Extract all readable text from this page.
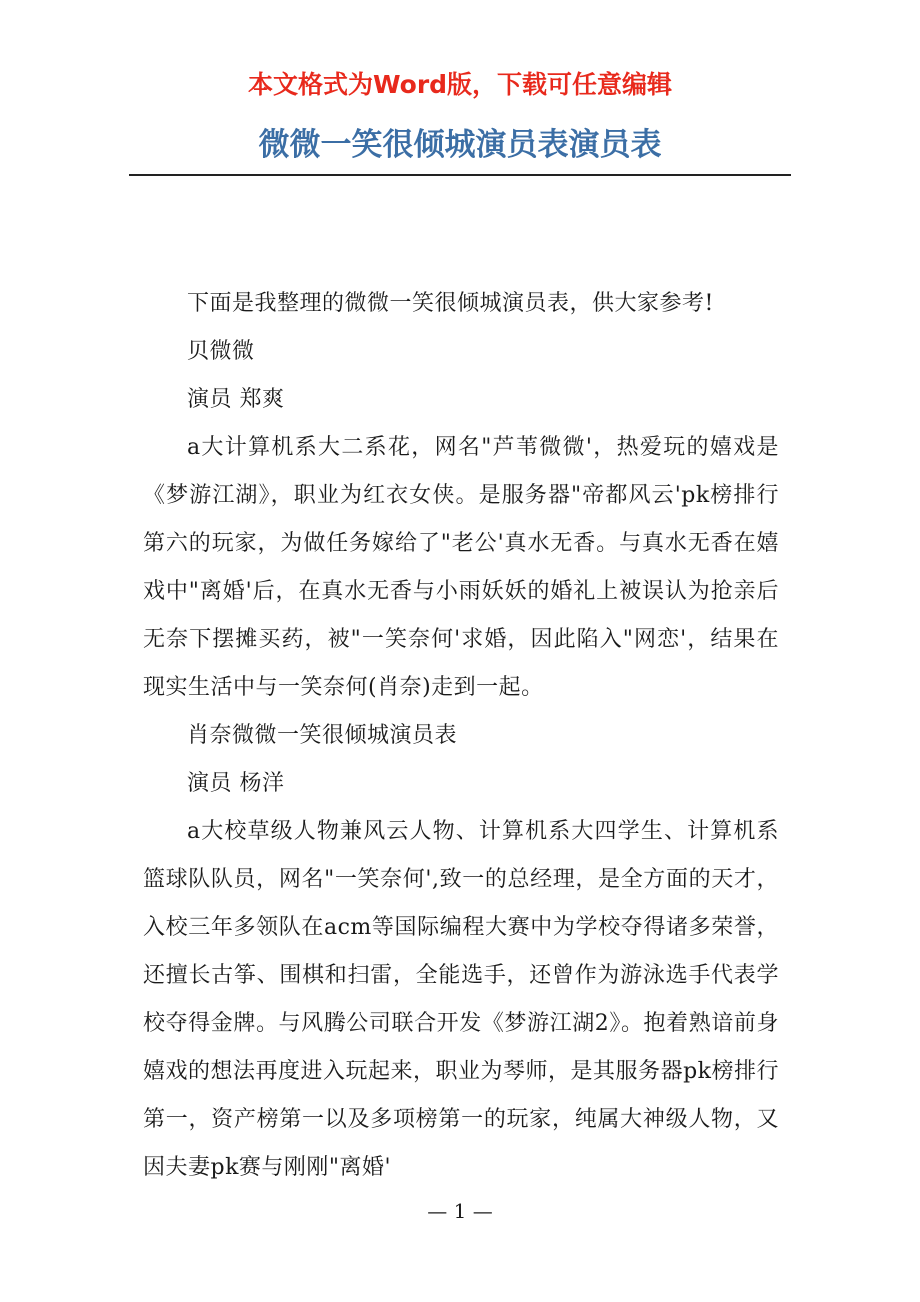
本文格式为Word版，下载可任意编辑
微微一笑很倾城演员表演员表

下面是我整理的微微一笑很倾城演员表，供大家参考!

贝微微

演员 郑爽

a大计算机系大二系花，网名"芦苇微微'，热爱玩的嬉戏是《梦游江湖》，职业为红衣女侠。是服务器"帝都风云'pk榜排行第六的玩家，为做任务嫁给了"老公'真水无香。与真水无香在嬉戏中"离婚'后，在真水无香与小雨妖妖的婚礼上被误认为抢亲后无奈下摆摊买药，被"一笑奈何'求婚，因此陷入"网恋'，结果在现实生活中与一笑奈何(肖奈)走到一起。

肖奈微微一笑很倾城演员表

演员 杨洋

a大校草级人物兼风云人物、计算机系大四学生、计算机系篮球队队员，网名"一笑奈何',致一的总经理，是全方面的天才，入校三年多领队在acm等国际编程大赛中为学校夺得诸多荣誉，还擅长古筝、围棋和扫雷，全能选手，还曾作为游泳选手代表学校夺得金牌。与风腾公司联合开发《梦游江湖2》。抱着熟谙前身嬉戏的想法再度进入玩起来，职业为琴师，是其服务器pk榜排行第一，资产榜第一以及多项榜第一的玩家，纯属大神级人物，又因夫妻pk赛与刚刚"离婚'

— 1 —
